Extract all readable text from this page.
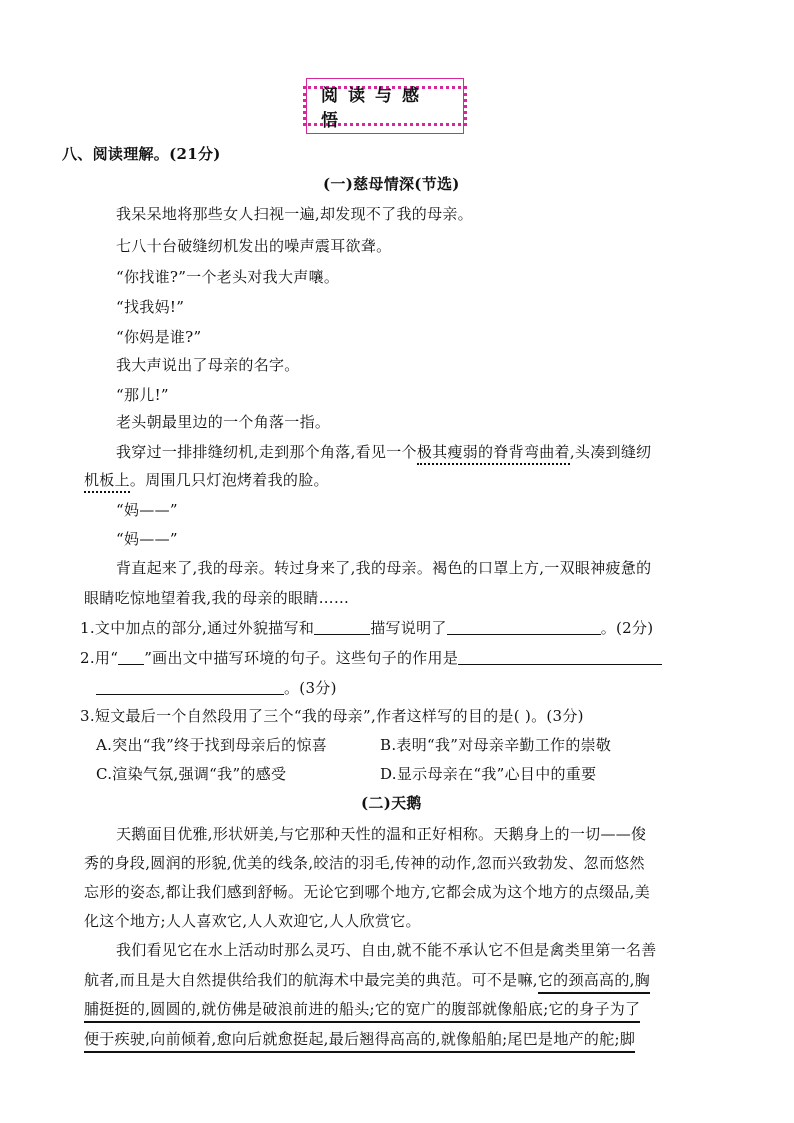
阅读与感悟
八、阅读理解。(21分)
(一)慈母情深(节选)
我呆呆地将那些女人扫视一遍,却发现不了我的母亲。
七八十台破缝纫机发出的噪声震耳欲聋。
“你找谁?”一个老头对我大声嚷。
“找我妈!”
“你妈是谁?”
我大声说出了母亲的名字。
“那儿!”
老头朝最里边的一个角落一指。
我穿过一排排缝纫机,走到那个角落,看见一个极其瘦弱的脊背弯曲着,头凑到缝纫
机板上。周围几只灯泡烤着我的脸。
“妈——”
“妈——”
背直起来了,我的母亲。转过身来了,我的母亲。褐色的口罩上方,一双眼神疲惫的
眼睛吃惊地望着我,我的母亲的眼睛……
1.文中加点的部分,通过外貌描写和	描写说明了	。(2分)
2.用“ ”画出文中描写环境的句子。这些句子的作用是
。(3分)
3.短文最后一个自然段用了三个“我的母亲”,作者这样写的目的是( )。(3分)
A.突出“我”终于找到母亲后的惊喜	B.表明“我”对母亲辛勤工作的崇敬
C.渲染气氛,强调“我”的感受	D.显示母亲在“我”心目中的重要
(二)天鹅
天鹅面目优雅,形状妍美,与它那种天性的温和正好相称。天鹅身上的一切——俊
秀的身段,圆润的形貌,优美的线条,皎洁的羽毛,传神的动作,忽而兴致勃发、忽而悠然
忘形的姿态,都让我们感到舒畅。无论它到哪个地方,它都会成为这个地方的点缀品,美
化这个地方;人人喜欢它,人人欢迎它,人人欣赏它。
我们看见它在水上活动时那么灵巧、自由,就不能不承认它不但是禽类里第一名善
航者,而且是大自然提供给我们的航海术中最完美的典范。可不是嘛,它的颈高高的,胸
脯挺挺的,圆圆的,就仿佛是破浪前进的船头;它的宽广的腹部就像船底;它的身子为了
便于疾驶,向前倾着,愈向后就愈挺起,最后翘得高高的,就像船舶;尾巴是地产的舵;脚
